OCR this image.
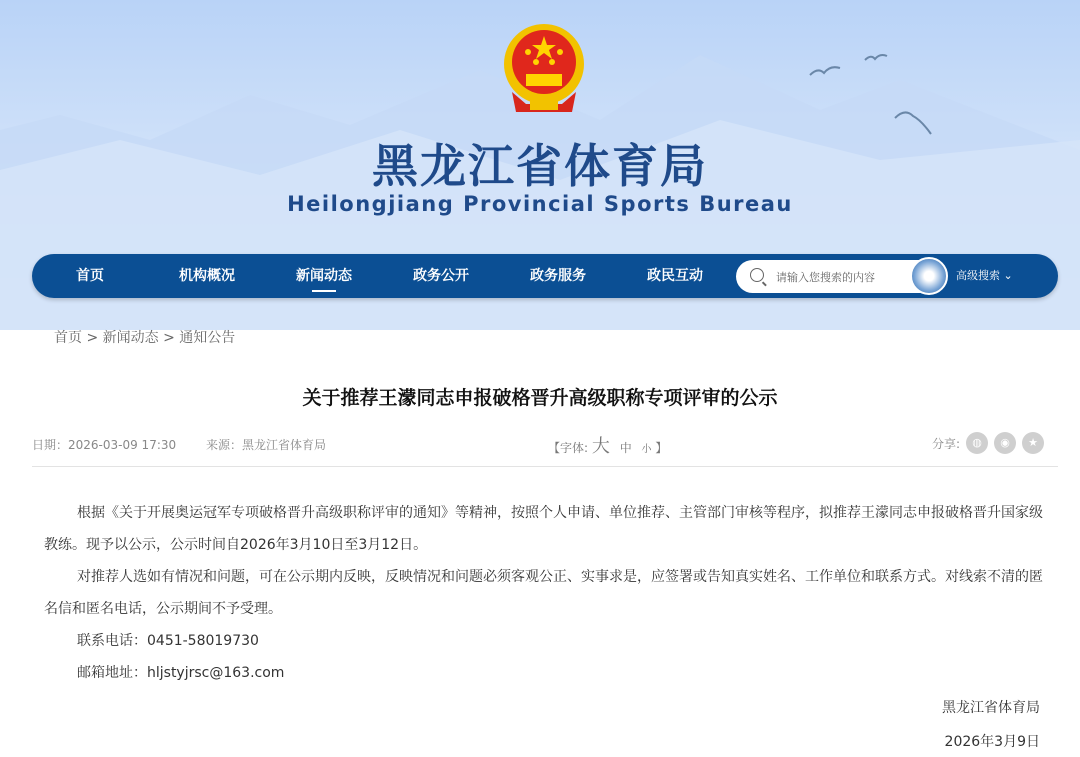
黑龙江省体育局
Heilongjiang Provincial Sports Bureau
首页	机构概况	新闻动态	政务公开	政务服务	政民互动
请输入您搜索的内容	高级搜索 ⌄
首页 > 新闻动态 > 通知公告
关于推荐王濛同志申报破格晋升高级职称专项评审的公示
日期：2026-03-09 17:30 来源：黑龙江省体育局	【字体: 大 中 小 】	分享:	◍	◉	★

根据《关于开展奥运冠军专项破格晋升高级职称评审的通知》等精神，按照个人申请、单位推荐、主管部门审核等程序，拟推荐王濛同志申报破格晋升国家级教练。现予以公示，公示时间自2026年3月10日至3月12日。

对推荐人选如有情况和问题，可在公示期内反映，反映情况和问题必须客观公正、实事求是，应签署或告知真实姓名、工作单位和联系方式。对线索不清的匿名信和匿名电话，公示期间不予受理。

联系电话：0451-58019730

邮箱地址：hljstyjrsc@163.com

黑龙江省体育局
2026年3月9日
